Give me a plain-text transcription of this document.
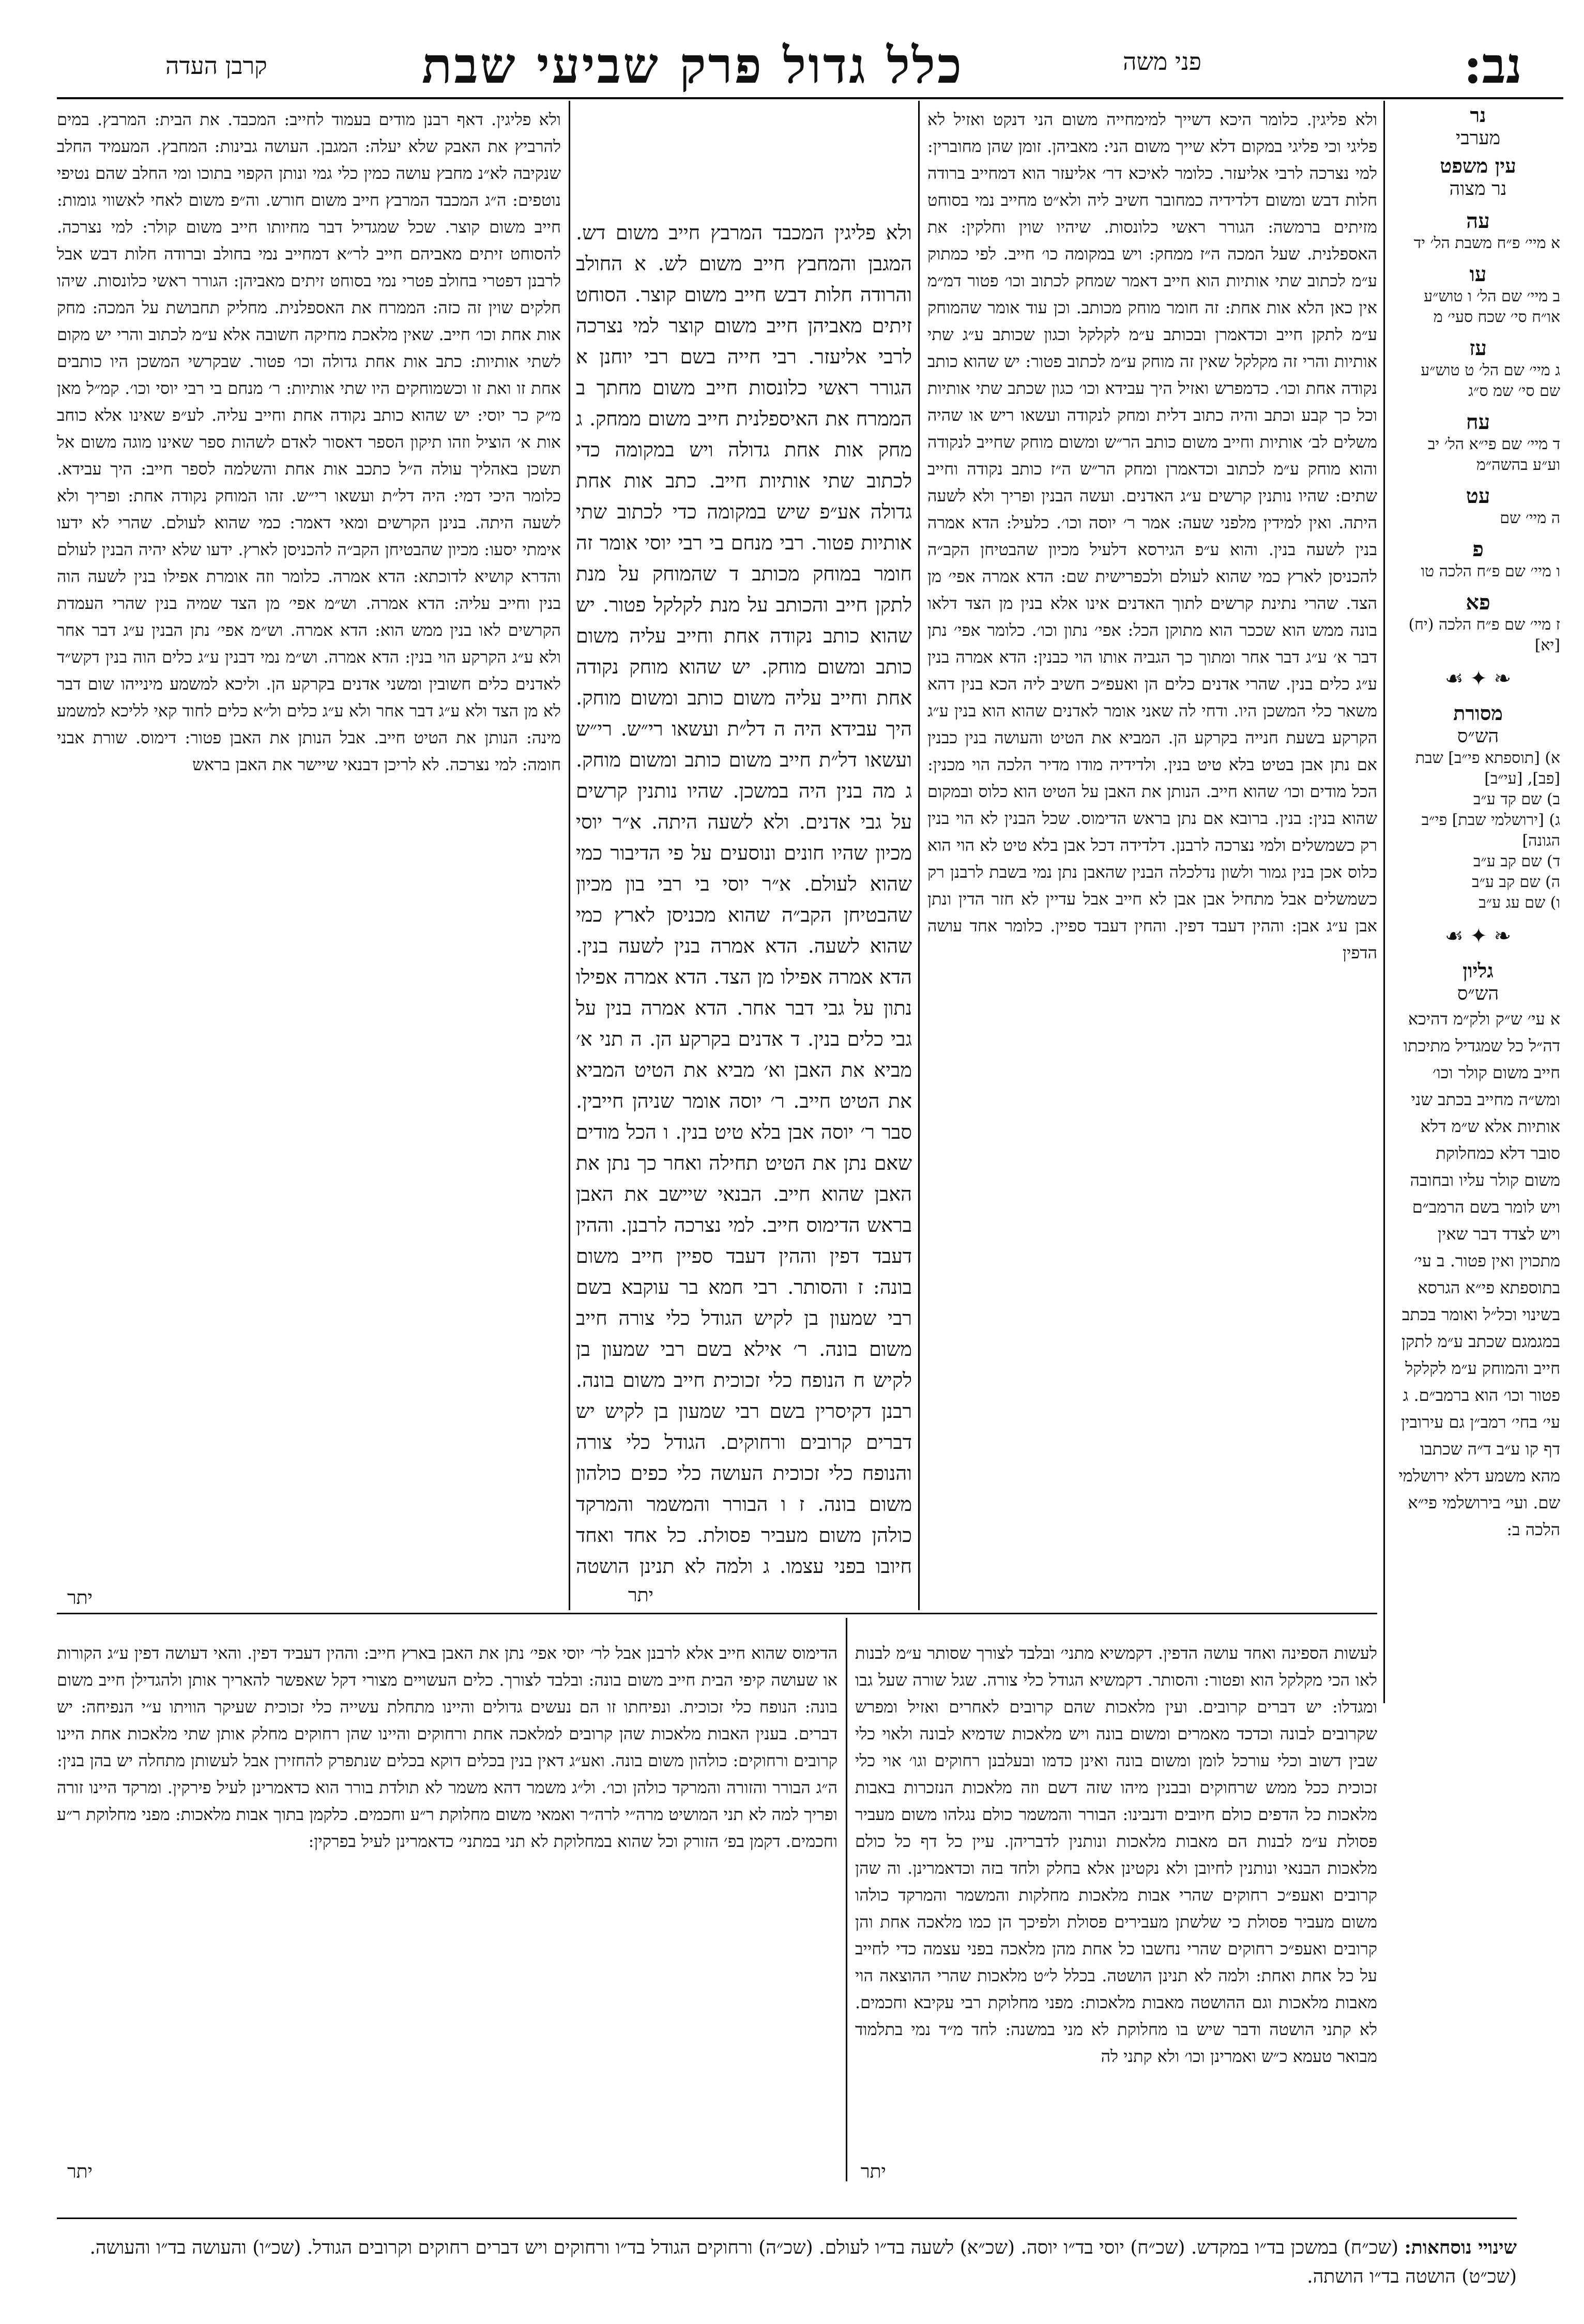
נב:
פני משה
כלל גדול פרק שביעי שבת
קרבן העדה
נר
מערבי
עין משפט
נר מצוה
עה
א מיי׳ פ״ח משבת הל׳ יד
עו
ב מיי׳ שם הל׳ ו טוש״ע או״ח סי׳ שכח סעי׳ מ
עז
ג מיי׳ שם הל׳ ט טוש״ע שם סי׳ שמ ס״ג
עח
ד מיי׳ שם פי״א הל׳ יב וע״ע בהשה״מ
עט
ה מיי׳ שם
פ
ו מיי׳ שם פ״ח הלכה טו
פא
ז מיי׳ שם פ״ח הלכה (יח) [יא]
❧ ✦ ☙
מסורת
הש״ס
א) [תוספתא פי״ב] שבת [פב], [עי״ב]
ב) שם קד ע״ב
ג) [ירושלמי שבת] פי״ב הגונה]
ד) שם קב ע״ב
ה) שם קב ע״ב
ו) שם עג ע״ב
❧ ✦ ☙
גליון
הש״ס
א עי׳ ש״ק ולק״מ דהיכא דה״ל כל שמגדיל מתיכתו חייב משום קולר וכו׳ ומש״ה מחייב בכתב שני אותיות אלא ש״מ דלא סובר דלא כמחלוקת משום קולר עליו ובחובה ויש לומר בשם הרמב״ם ויש לצדד דבר שאין מתכוין ואין פטור. ב עי׳ בתוספתא פי״א הגרסא בשינוי וכל״ל ואומר בכתב במגמגם שכתב ע״מ לתקן חייב והמוחק ע״מ לקלקל פטור וכו׳ הוא ברמב״ם. ג עי׳ בחי׳ רמב״ן גם עירובין דף קו ע״ב ד״ה שכתבו מהא משמע דלא ירושלמי שם. ועי׳ בירושלמי פי״א הלכה ב:

ולא פליגין. כלומר היכא דשייך למימחייה משום הני דנקט ואזיל לא פליגי וכי פליגי במקום דלא שייך משום הני: מאביהן. זומן שהן מחוברין: למי נצרכה לרבי אליעזר. כלומר לאיכא דר׳ אליעזר הוא דמחייב ברודה חלות דבש ומשום דלדידיה כמחובר חשיב ליה ולא״ט מחייב נמי בסוחט מזיתים ברמשה: הגורר ראשי כלונסות. שיהיו שוין וחלקין: את האספלנית. שעל המכה ה״ז ממחק: ויש במקומה כו׳ חייב. לפי כמתוק ע״מ לכתוב שתי אותיות הוא חייב דאמר שמחק לכתוב וכו׳ פטור דמ״מ אין כאן הלא אות אחת: זה חומר מוחק מכותב. וכן עוד אומר שהמוחק ע״מ לתקן חייב וכדאמרן ובכותב ע״מ לקלקל וכגון שכותב ע״ג שתי אותיות והרי זה מקלקל שאין זה מוחק ע״מ לכתוב פטור: יש שהוא כותב נקודה אחת וכו׳. כדמפרש ואזיל היך עבידא וכו׳ כגון שכתב שתי אותיות וכל כך קבע וכתב והיה כתוב דלית ומחק לנקודה ועשאו ריש או שהיה משלים לב׳ אותיות וחייב משום כותב הר״ש ומשום מוחק שחייב לנקודה והוא מוחק ע״מ לכתוב וכדאמרן ומחק הר״ש ה״ז כותב נקודה וחייב שתים: שהיו נותנין קרשים ע״ג האדנים. ועשה הבנין ופריך ולא לשעה היתה. ואין למידין מלפני שעה: אמר ר׳ יוסה וכו׳. כלעיל: הדא אמרה בנין לשעה בנין. והוא ע״פ הגירסא דלעיל מכיון שהבטיחן הקב״ה להכניסן לארץ כמי שהוא לעולם ולכפרישית שם: הדא אמרה אפי׳ מן הצד. שהרי נתינת קרשים לתוך האדנים אינו אלא בנין מן הצד דלאו בונה ממש הוא שככר הוא מתוקן הכל: אפי׳ נתון וכו׳. כלומר אפי׳ נתן דבר א׳ ע״ג דבר אחר ומתוך כך הגביה אותו הוי כבנין: הדא אמרה בנין ע״ג כלים בנין. שהרי אדנים כלים הן ואעפ״כ חשיב ליה הכא בנין דהא משאר כלי המשכן היו. ודחי לה שאני אומר לאדנים שהוא הוא בנין ע״ג הקרקע בשעת חנייה בקרקע הן. המביא את הטיט והעושה בנין כבנין אם נתן אבן בטיט בלא טיט בנין. ולדידיה מודו מדיר הלכה הוי מכנין: הכל מודים וכו׳ שהוא חייב. הנותן את האבן על הטיט הוא כלוס ובמקום שהוא בנין: בנין. ברובא אם נתן בראש הדימוס. שכל הבנין לא הוי בנין רק כשמשלים ולמי נצרכה לרבנן. דלדידה דכל אבן בלא טיט לא הוי הוא כלוס אכן בנין גמור ולשון נדלכלה הבנין שהאבן נתן נמי בשבת לרבנן רק כשמשלים אבל מתחיל אבן אבן לא חייב אבל עדיין לא חזר הדין ונתן אבן ע״ג אבן: וההין דעבד דפין. והחין דעבד ספיין. כלומר אחד עושה הדפין

ולא פליגין המכבד המרבץ חייב משום דש. המגבן והמחבץ חייב משום לש. א החולב והרודה חלות דבש חייב משום קוצר. הסוחט זיתים מאביהן חייב משום קוצר למי נצרכה לרבי אליעזר. רבי חייה בשם רבי יוחנן א הגורר ראשי כלונסות חייב משום מחתך ב הממרח את האיספלנית חייב משום ממחק. ג מחק אות אחת גדולה ויש במקומה כדי לכתוב שתי אותיות חייב. כתב אות אחת גדולה אע״פ שיש במקומה כדי לכתוב שתי אותיות פטור. רבי מנחם בי רבי יוסי אומר זה חומר במוחק מכותב ד שהמוחק על מנת לתקן חייב והכותב על מנת לקלקל פטור. יש שהוא כותב נקודה אחת וחייב עליה משום כותב ומשום מוחק. יש שהוא מוחק נקודה אחת וחייב עליה משום כותב ומשום מוחק. היך עבידא היה ה דל״ת ועשאו רי״ש. רי״ש ועשאו דל״ת חייב משום כותב ומשום מוחק. ג מה בנין היה במשכן. שהיו נותנין קרשים על גבי אדנים. ולא לשעה היתה. א״ר יוסי מכיון שהיו חונים ונוסעים על פי הדיבור כמי שהוא לעולם. א״ר יוסי בי רבי בון מכיון שהבטיחן הקב״ה שהוא מכניסן לארץ כמי שהוא לשעה. הדא אמרה בנין לשעה בנין. הדא אמרה אפילו מן הצד. הדא אמרה אפילו נתון על גבי דבר אחר. הדא אמרה בנין על גבי כלים בנין. ד אדנים בקרקע הן. ה תני א׳ מביא את האבן וא׳ מביא את הטיט המביא את הטיט חייב. ר׳ יוסה אומר שניהן חייבין. סבר ר׳ יוסה אבן בלא טיט בנין. ו הכל מודים שאם נתן את הטיט תחילה ואחר כך נתן את האבן שהוא חייב. הבנאי שיישב את האבן בראש הדימוס חייב. למי נצרכה לרבנן. וההין דעבד דפין וההין דעבד ספיין חייב משום בונה: ז והסותר. רבי חמא בר עוקבא בשם רבי שמעון בן לקיש הגודל כלי צורה חייב משום בונה. ר׳ אילא בשם רבי שמעון בן לקיש ח הנופח כלי זכוכית חייב משום בונה. רבנן דקיסרין בשם רבי שמעון בן לקיש יש דברים קרובים ורחוקים. הגודל כלי צורה והנופח כלי זכוכית העושה כלי כפים כולהון משום בונה. ז ו הבורר והמשמר והמרקד כולהן משום מעביר פסולת. כל אחד ואחד חיובו בפני עצמו. ג ולמה לא תנינן הושטה

יתר

ולא פליגין. דאף רבנן מודים בעמוד לחייב: המכבד. את הבית: המרבץ. במים להרביץ את האבק שלא יעלה: המגבן. העושה גבינות: המחבץ. המעמיד החלב שנקיבה לא״נ מחבץ עושה כמין כלי גמי ונותן הקפוי בתוכו ומי החלב שהם נטיפי נוטפים: ה״ג המכבד המרבץ חייב משום חורש. וה״פ משום לאחי לאשווי גומות: חייב משום קוצר. שכל שמגדיל דבר מחיותו חייב משום קולר: למי נצרכה. להסוחט זיתים מאביהם חייב לר״א דמחייב נמי בחולב וברודה חלות דבש אבל לרבנן דפטרי בחולב פטרי נמי בסוחט זיתים מאביהן: הגורר ראשי כלונסות. שיהו חלקים שוין זה כזה: הממרח את האספלנית. מחליק תחבושת על המכה: מחק אות אחת וכו׳ חייב. שאין מלאכת מחיקה חשובה אלא ע״מ לכתוב והרי יש מקום לשתי אותיות: כתב אות אחת גדולה וכו׳ פטור. שבקרשי המשכן היו כותבים אחת זו ואת זו וכשמוחקים היו שתי אותיות: ר׳ מנחם בי רבי יוסי וכו׳. קמ״ל מאן מ״ק כר יוסי: יש שהוא כותב נקודה אחת וחייב עליה. לע״פ שאינו אלא כוחב אות א׳ הוציל וזהו תיקון הספר דאסור לאדם לשהות ספר שאינו מוגה משום אל תשכן באהליך עולה ה״ל כתכב אות אחת והשלמה לספר חייב: היך עבידא. כלומר היכי דמי: היה דל״ת ועשאו רי״ש. זהו המוחק נקודה אחת: ופריך ולא לשעה היתה. בנינן הקרשים ומאי דאמר: כמי שהוא לעולם. שהרי לא ידעו אימתי יסעו: מכיון שהבטיחן הקב״ה להכניסן לארץ. ידעו שלא יהיה הבנין לעולם והדרא קושיא לדוכתא: הדא אמרה. כלומר וזה אומרת אפילו בנין לשעה הוה בנין וחייב עליה: הדא אמרה. וש״מ אפי׳ מן הצד שמיה בנין שהרי העמדת הקרשים לאו בנין ממש הוא: הדא אמרה. וש״מ אפי׳ נתן הבנין ע״ג דבר אחר ולא ע״ג הקרקע הוי בנין: הדא אמרה. וש״מ נמי דבנין ע״ג כלים הוה בנין דקש״ד לאדנים כלים חשובין ומשני אדנים בקרקע הן. וליכא למשמע מינייהו שום דבר לא מן הצד ולא ע״ג דבר אחר ולא ע״ג כלים ול״א כלים לחוד קאי לליכא למשמע מינה: הנותן את הטיט חייב. אבל הנותן את האבן פטור: דימוס. שורת אבני חומה: למי נצרכה. לא לריכן דבנאי שיישר את האבן בראש

יתר

לעשות הספינה ואחד עושה הדפין. דקמשיא מתני׳ ובלבד לצורך שסותר ע״מ לבנות לאו הכי מקלקל הוא ופטור: והסותר. דקמשיא הגודל כלי צורה. שגל שורה שעל גבו ומגדלו: יש דברים קרובים. ועין מלאכות שהם קרובים לאחרים ואזיל ומפרש שקרובים לבונה וכדכד מאמרים ומשום בונה ויש מלאכות שדמיא לבונה ולאוי כלי שבין דשוב וכלי עורכל לומן ומשום בונה ואינן כדמו ובעלבנן רחוקים וגו׳ אוי כלי זכוכית ככל ממש שרחוקים ובבנין מיהו שזה דשם וזה מלאכות הנזכרות באבות מלאכות כל הדפים כולם חיובים ודנבינו: הבורר והמשמר כולם נגלהו משום מעביר פסולת ע״מ לבנות הם מאבות מלאכות ונותנין לדבריהן. עיין כל דף כל כולם מלאכות הבנאי ונותנין לחיובן ולא נקטינן אלא בחלק ולחד בזה וכדאמרינן. וה שהן קרובים ואעפ״כ רחוקים שהרי אבות מלאכות מחלקות והמשמר והמרקד כולהו משום מעביר פסולת כי שלשתן מעבירים פסולת ולפיכך הן כמו מלאכה אחת והן קרובים ואעפ״כ רחוקים שהרי נחשבו כל אחת מהן מלאכה בפני עצמה כדי לחייב על כל אחת ואחת: ולמה לא תנינן הושטה. בכלל ל״ט מלאכות שהרי ההוצאה הוי מאבות מלאכות וגם ההושטה מאבות מלאכות: מפני מחלוקת רבי עקיבא וחכמים. לא קתני הושטה ודבר שיש בו מחלוקת לא מני במשנה: לחד מ״ד נמי בתלמוד מבואר טעמא כ״ש ואמרינן וכו׳ ולא קתני לה

יתר

הדימוס שהוא חייב אלא לרבנן אבל לר׳ יוסי אפי׳ נתן את האבן בארץ חייב: וההין דעביד דפין. והאי דעושה דפין ע״ג הקורות או שעושה קיפי הבית חייב משום בונה: ובלבד לצורך. כלים העשויים מצורי דקל שאפשר להאריך אותן ולהגדילן חייב משום בונה: הנופח כלי זכוכית. ונפיחתו זו הם נעשים גדולים והיינו מתחלת עשייה כלי זכוכית שעיקר הוויתו ע״י הנפיחה: יש דברים. בענין האבות מלאכות שהן קרובים למלאכה אחת ורחוקים והיינו שהן רחוקים מחלק אותן שתי מלאכות אחת היינו קרובים ורחוקים: כולהון משום בונה. ואע״ג דאין בנין בכלים דוקא בכלים שנתפרק להחזירן אבל לעשותן מתחלה יש בהן בנין: ה״ג הבורר והזורה והמרקד כולהן וכו׳. ול״ג משמר דהא משמר לא תולדת בורר הוא כדאמרינן לעיל פירקין. ומרקד היינו זורה ופריך למה לא תני המושיט מרה״י לרה״ר ואמאי משום מחלוקת ר״ע וחכמים. כלקמן בתוך אבות מלאכות: מפני מחלוקת ר״ע וחכמים. דקמן בפ׳ הזורק וכל שהוא במחלוקת לא תני במתני׳ כדאמרינן לעיל בפרקין:

יתר
שינויי נוסחאות: (שכ״ח) במשכן בד״ו במקדש. (שכ״ח) יוסי בד״ו יוסה. (שכ״א) לשעה בד״ו לעולם. (שכ״ה) ורחוקים הגודל בד״ו ורחוקים ויש דברים רחוקים וקרובים הגודל. (שכ״ו) והעושה בד״ו והעושה. (שכ״ט) הושטה בד״ו הושתה.
